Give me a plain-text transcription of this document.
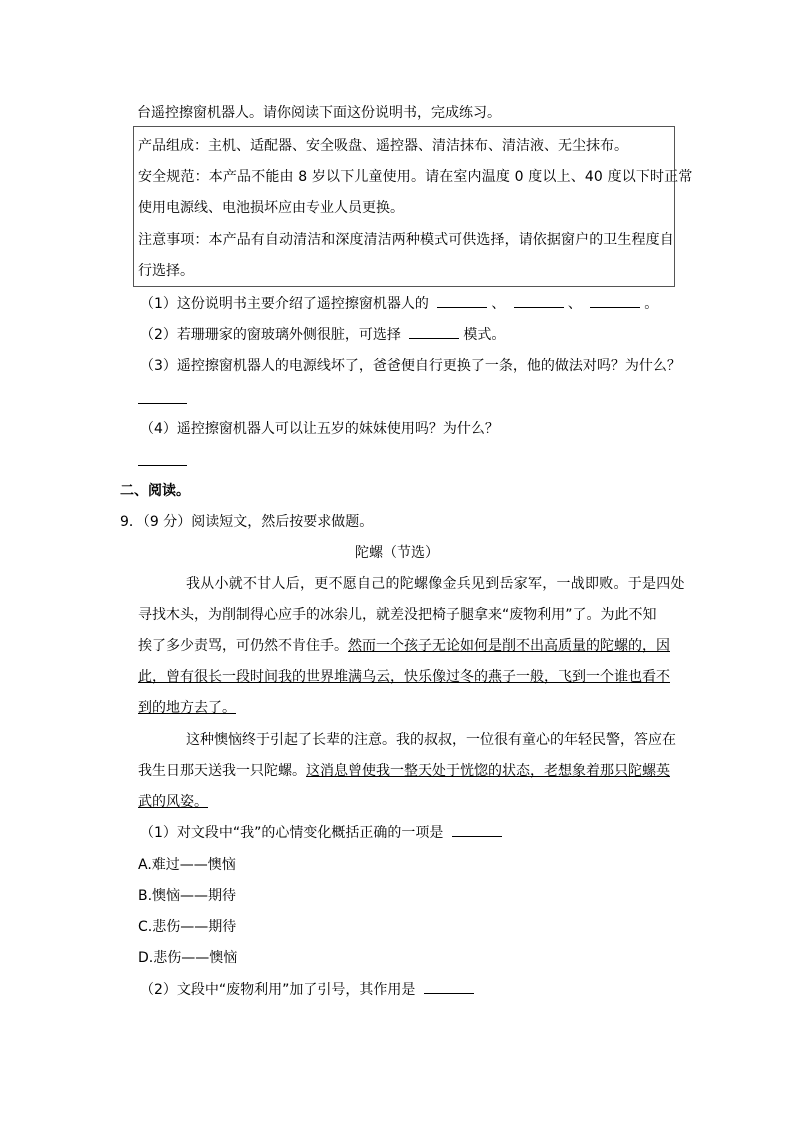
台遥控擦窗机器人。请你阅读下面这份说明书，完成练习。
产品组成：主机、适配器、安全吸盘、遥控器、清洁抹布、清洁液、无尘抹布。
安全规范：本产品不能由 8 岁以下儿童使用。请在室内温度 0 度以上、40 度以下时正常
使用电源线、电池损坏应由专业人员更换。
注意事项：本产品有自动清洁和深度清洁两种模式可供选择，请依据窗户的卫生程度自
行选择。
（1）这份说明书主要介绍了遥控擦窗机器人的	、	、	。
（2）若珊珊家的窗玻璃外侧很脏，可选择	模式。
（3）遥控擦窗机器人的电源线坏了，爸爸便自行更换了一条，他的做法对吗？为什么？
（4）遥控擦窗机器人可以让五岁的妹妹使用吗？为什么？
二、阅读。
9．（9 分）阅读短文，然后按要求做题。
陀螺（节选）
我从小就不甘人后，更不愿自己的陀螺像金兵见到岳家军，一战即败。于是四处
寻找木头，为削制得心应手的冰尜儿，就差没把椅子腿拿来“废物利用”了。为此不知
挨了多少责骂，可仍然不肯住手。然而一个孩子无论如何是削不出高质量的陀螺的，因
此，曾有很长一段时间我的世界堆满乌云，快乐像过冬的燕子一般，飞到一个谁也看不
到的地方去了。
这种懊恼终于引起了长辈的注意。我的叔叔，一位很有童心的年轻民警，答应在
我生日那天送我一只陀螺。这消息曾使我一整天处于恍惚的状态，老想象着那只陀螺英
武的风姿。
（1）对文段中“我”的心情变化概括正确的一项是
A.难过——懊恼
B.懊恼——期待
C.悲伤——期待
D.悲伤——懊恼
（2）文段中“废物利用”加了引号，其作用是
